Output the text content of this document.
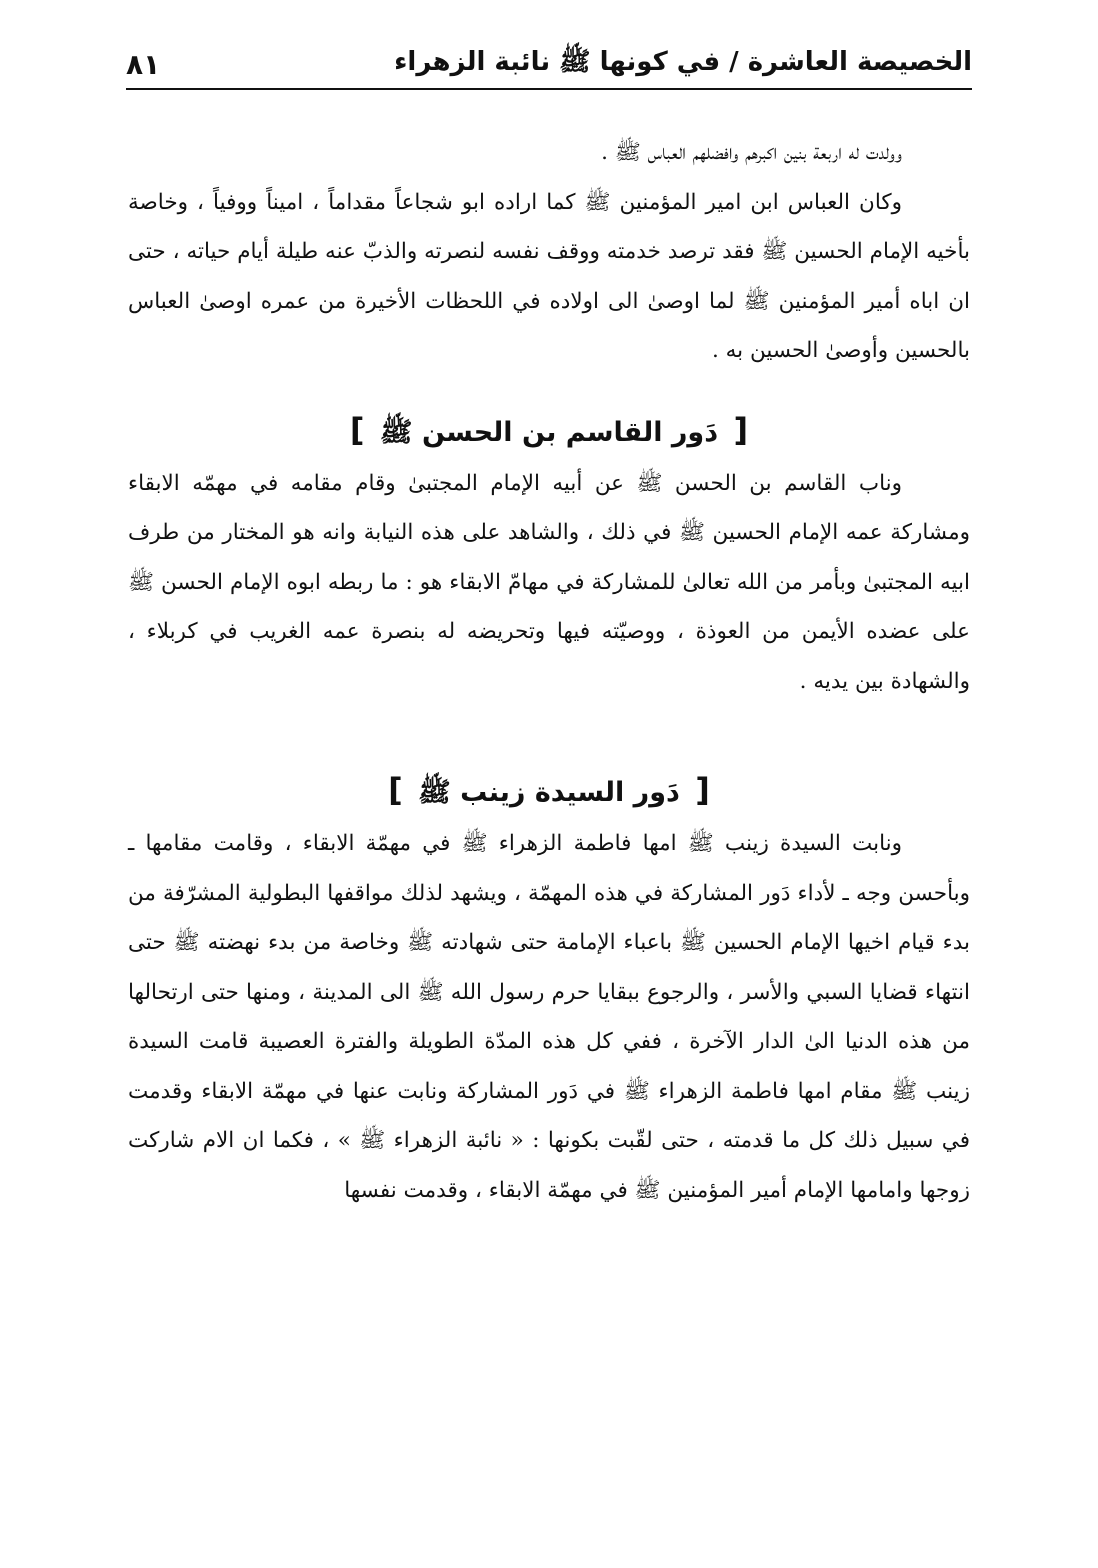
الخصيصة العاشرة / في كونها ﷺ نائبة الزهراء
٨١

وولدت له اربعة بنين اكبرهم وافضلهم العباس ﷺ .

وكان العباس ابن امير المؤمنين ﷺ كما اراده ابو شجاعاً مقداماً ، اميناً ووفياً ، وخاصة بأخيه الإمام الحسين ﷺ فقد ترصد خدمته ووقف نفسه لنصرته والذبّ عنه طيلة أيام حياته ، حتى ان اباه أمير المؤمنين ﷺ لما اوصىٰ الى اولاده في اللحظات الأخيرة من عمره اوصىٰ العباس بالحسين وأوصىٰ الحسين به .

[ دَور القاسم بن الحسن ﷺ ]

وناب القاسم بن الحسن ﷺ عن أبيه الإمام المجتبىٰ وقام مقامه في مهمّه الابقاء ومشاركة عمه الإمام الحسين ﷺ في ذلك ، والشاهد على هذه النيابة وانه هو المختار من طرف ابيه المجتبىٰ وبأمر من الله تعالىٰ للمشاركة في مهامّ الابقاء هو : ما ربطه ابوه الإمام الحسن ﷺ على عضده الأيمن من العوذة ، ووصيّته فيها وتحريضه له بنصرة عمه الغريب في كربلاء ، والشهادة بين يديه .

[ دَور السيدة زينب ﷺ ]

ونابت السيدة زينب ﷺ امها فاطمة الزهراء ﷺ في مهمّة الابقاء ، وقامت مقامها ـ وبأحسن وجه ـ لأداء دَور المشاركة في هذه المهمّة ، ويشهد لذلك مواقفها البطولية المشرّفة من بدء قيام اخيها الإمام الحسين ﷺ باعباء الإمامة حتى شهادته ﷺ وخاصة من بدء نهضته ﷺ حتى انتهاء قضايا السبي والأسر ، والرجوع ببقايا حرم رسول الله ﷺ الى المدينة ، ومنها حتى ارتحالها من هذه الدنيا الىٰ الدار الآخرة ، ففي كل هذه المدّة الطويلة والفترة العصيبة قامت السيدة زينب ﷺ مقام امها فاطمة الزهراء ﷺ في دَور المشاركة ونابت عنها في مهمّة الابقاء وقدمت في سبيل ذلك كل ما قدمته ، حتى لقّبت بكونها : « نائبة الزهراء ﷺ » ، فكما ان الام شاركت زوجها وامامها الإمام أمير المؤمنين ﷺ في مهمّة الابقاء ، وقدمت نفسها
